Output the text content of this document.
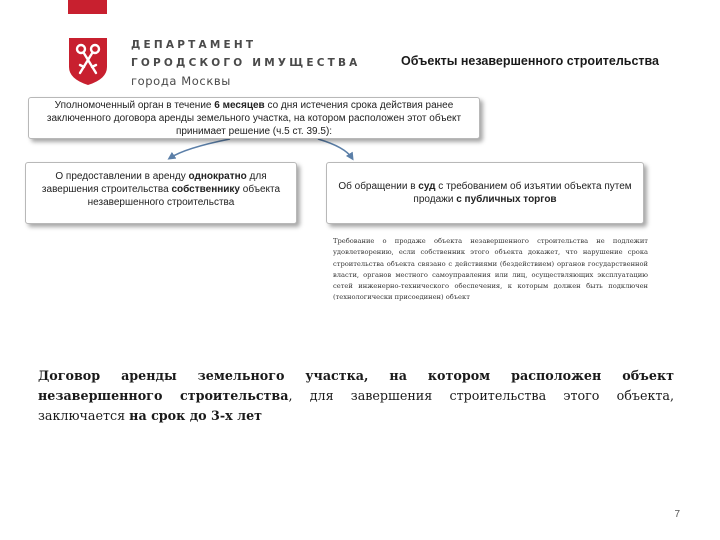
ДЕПАРТАМЕНТ
ГОРОДСКОГО ИМУЩЕСТВА
города Москвы
Объекты незавершенного строительства
Уполномоченный орган в течение 6 месяцев со дня истечения срока действия ранее заключенного договора аренды земельного участка, на котором расположен этот объект принимает решение (ч.5 ст. 39.5):
О предоставлении в аренду однократно для завершения строительства собственнику объекта незавершенного строительства
Об обращении в суд с требованием об изъятии объекта путем продажи с публичных торгов
Требование о продаже объекта незавершенного строительства не подлежит удовлетворению, если собственник этого объекта докажет, что нарушение срока строительства объекта связано с действиями (бездействием) органов государственной власти, органов местного самоуправления или лиц, осуществляющих эксплуатацию сетей инженерно-технического обеспечения, к которым должен быть подключен (технологически присоединен) объект
Договор аренды земельного участка, на котором расположен объект незавершенного строительства, для завершения строительства этого объекта, заключается на срок до 3-х лет
7
